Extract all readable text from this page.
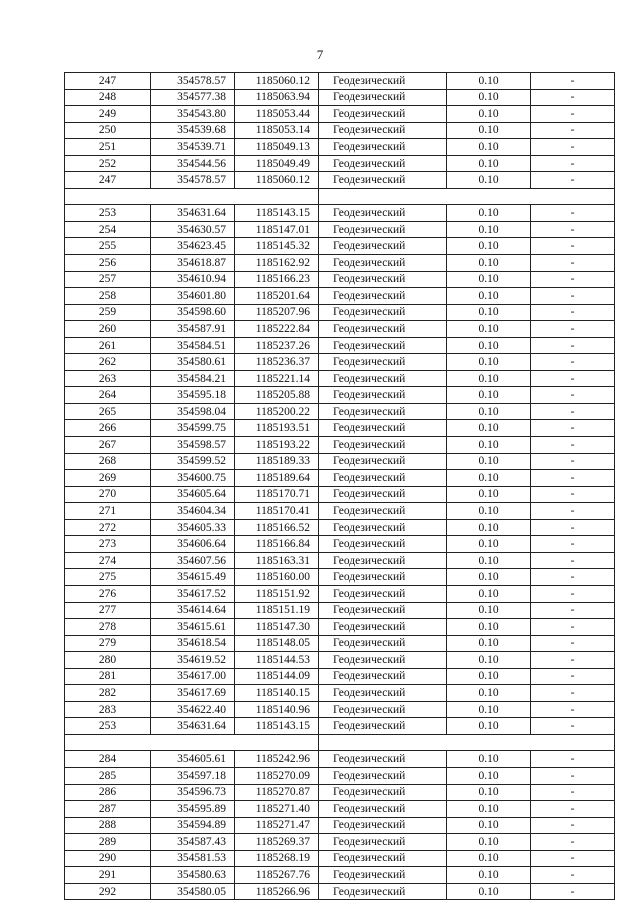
7
247	354578.57	1185060.12	Геодезический	0.10	-
248	354577.38	1185063.94	Геодезический	0.10	-
249	354543.80	1185053.44	Геодезический	0.10	-
250	354539.68	1185053.14	Геодезический	0.10	-
251	354539.71	1185049.13	Геодезический	0.10	-
252	354544.56	1185049.49	Геодезический	0.10	-
247	354578.57	1185060.12	Геодезический	0.10	-

253	354631.64	1185143.15	Геодезический	0.10	-
254	354630.57	1185147.01	Геодезический	0.10	-
255	354623.45	1185145.32	Геодезический	0.10	-
256	354618.87	1185162.92	Геодезический	0.10	-
257	354610.94	1185166.23	Геодезический	0.10	-
258	354601.80	1185201.64	Геодезический	0.10	-
259	354598.60	1185207.96	Геодезический	0.10	-
260	354587.91	1185222.84	Геодезический	0.10	-
261	354584.51	1185237.26	Геодезический	0.10	-
262	354580.61	1185236.37	Геодезический	0.10	-
263	354584.21	1185221.14	Геодезический	0.10	-
264	354595.18	1185205.88	Геодезический	0.10	-
265	354598.04	1185200.22	Геодезический	0.10	-
266	354599.75	1185193.51	Геодезический	0.10	-
267	354598.57	1185193.22	Геодезический	0.10	-
268	354599.52	1185189.33	Геодезический	0.10	-
269	354600.75	1185189.64	Геодезический	0.10	-
270	354605.64	1185170.71	Геодезический	0.10	-
271	354604.34	1185170.41	Геодезический	0.10	-
272	354605.33	1185166.52	Геодезический	0.10	-
273	354606.64	1185166.84	Геодезический	0.10	-
274	354607.56	1185163.31	Геодезический	0.10	-
275	354615.49	1185160.00	Геодезический	0.10	-
276	354617.52	1185151.92	Геодезический	0.10	-
277	354614.64	1185151.19	Геодезический	0.10	-
278	354615.61	1185147.30	Геодезический	0.10	-
279	354618.54	1185148.05	Геодезический	0.10	-
280	354619.52	1185144.53	Геодезический	0.10	-
281	354617.00	1185144.09	Геодезический	0.10	-
282	354617.69	1185140.15	Геодезический	0.10	-
283	354622.40	1185140.96	Геодезический	0.10	-
253	354631.64	1185143.15	Геодезический	0.10	-

284	354605.61	1185242.96	Геодезический	0.10	-
285	354597.18	1185270.09	Геодезический	0.10	-
286	354596.73	1185270.87	Геодезический	0.10	-
287	354595.89	1185271.40	Геодезический	0.10	-
288	354594.89	1185271.47	Геодезический	0.10	-
289	354587.43	1185269.37	Геодезический	0.10	-
290	354581.53	1185268.19	Геодезический	0.10	-
291	354580.63	1185267.76	Геодезический	0.10	-
292	354580.05	1185266.96	Геодезический	0.10	-
